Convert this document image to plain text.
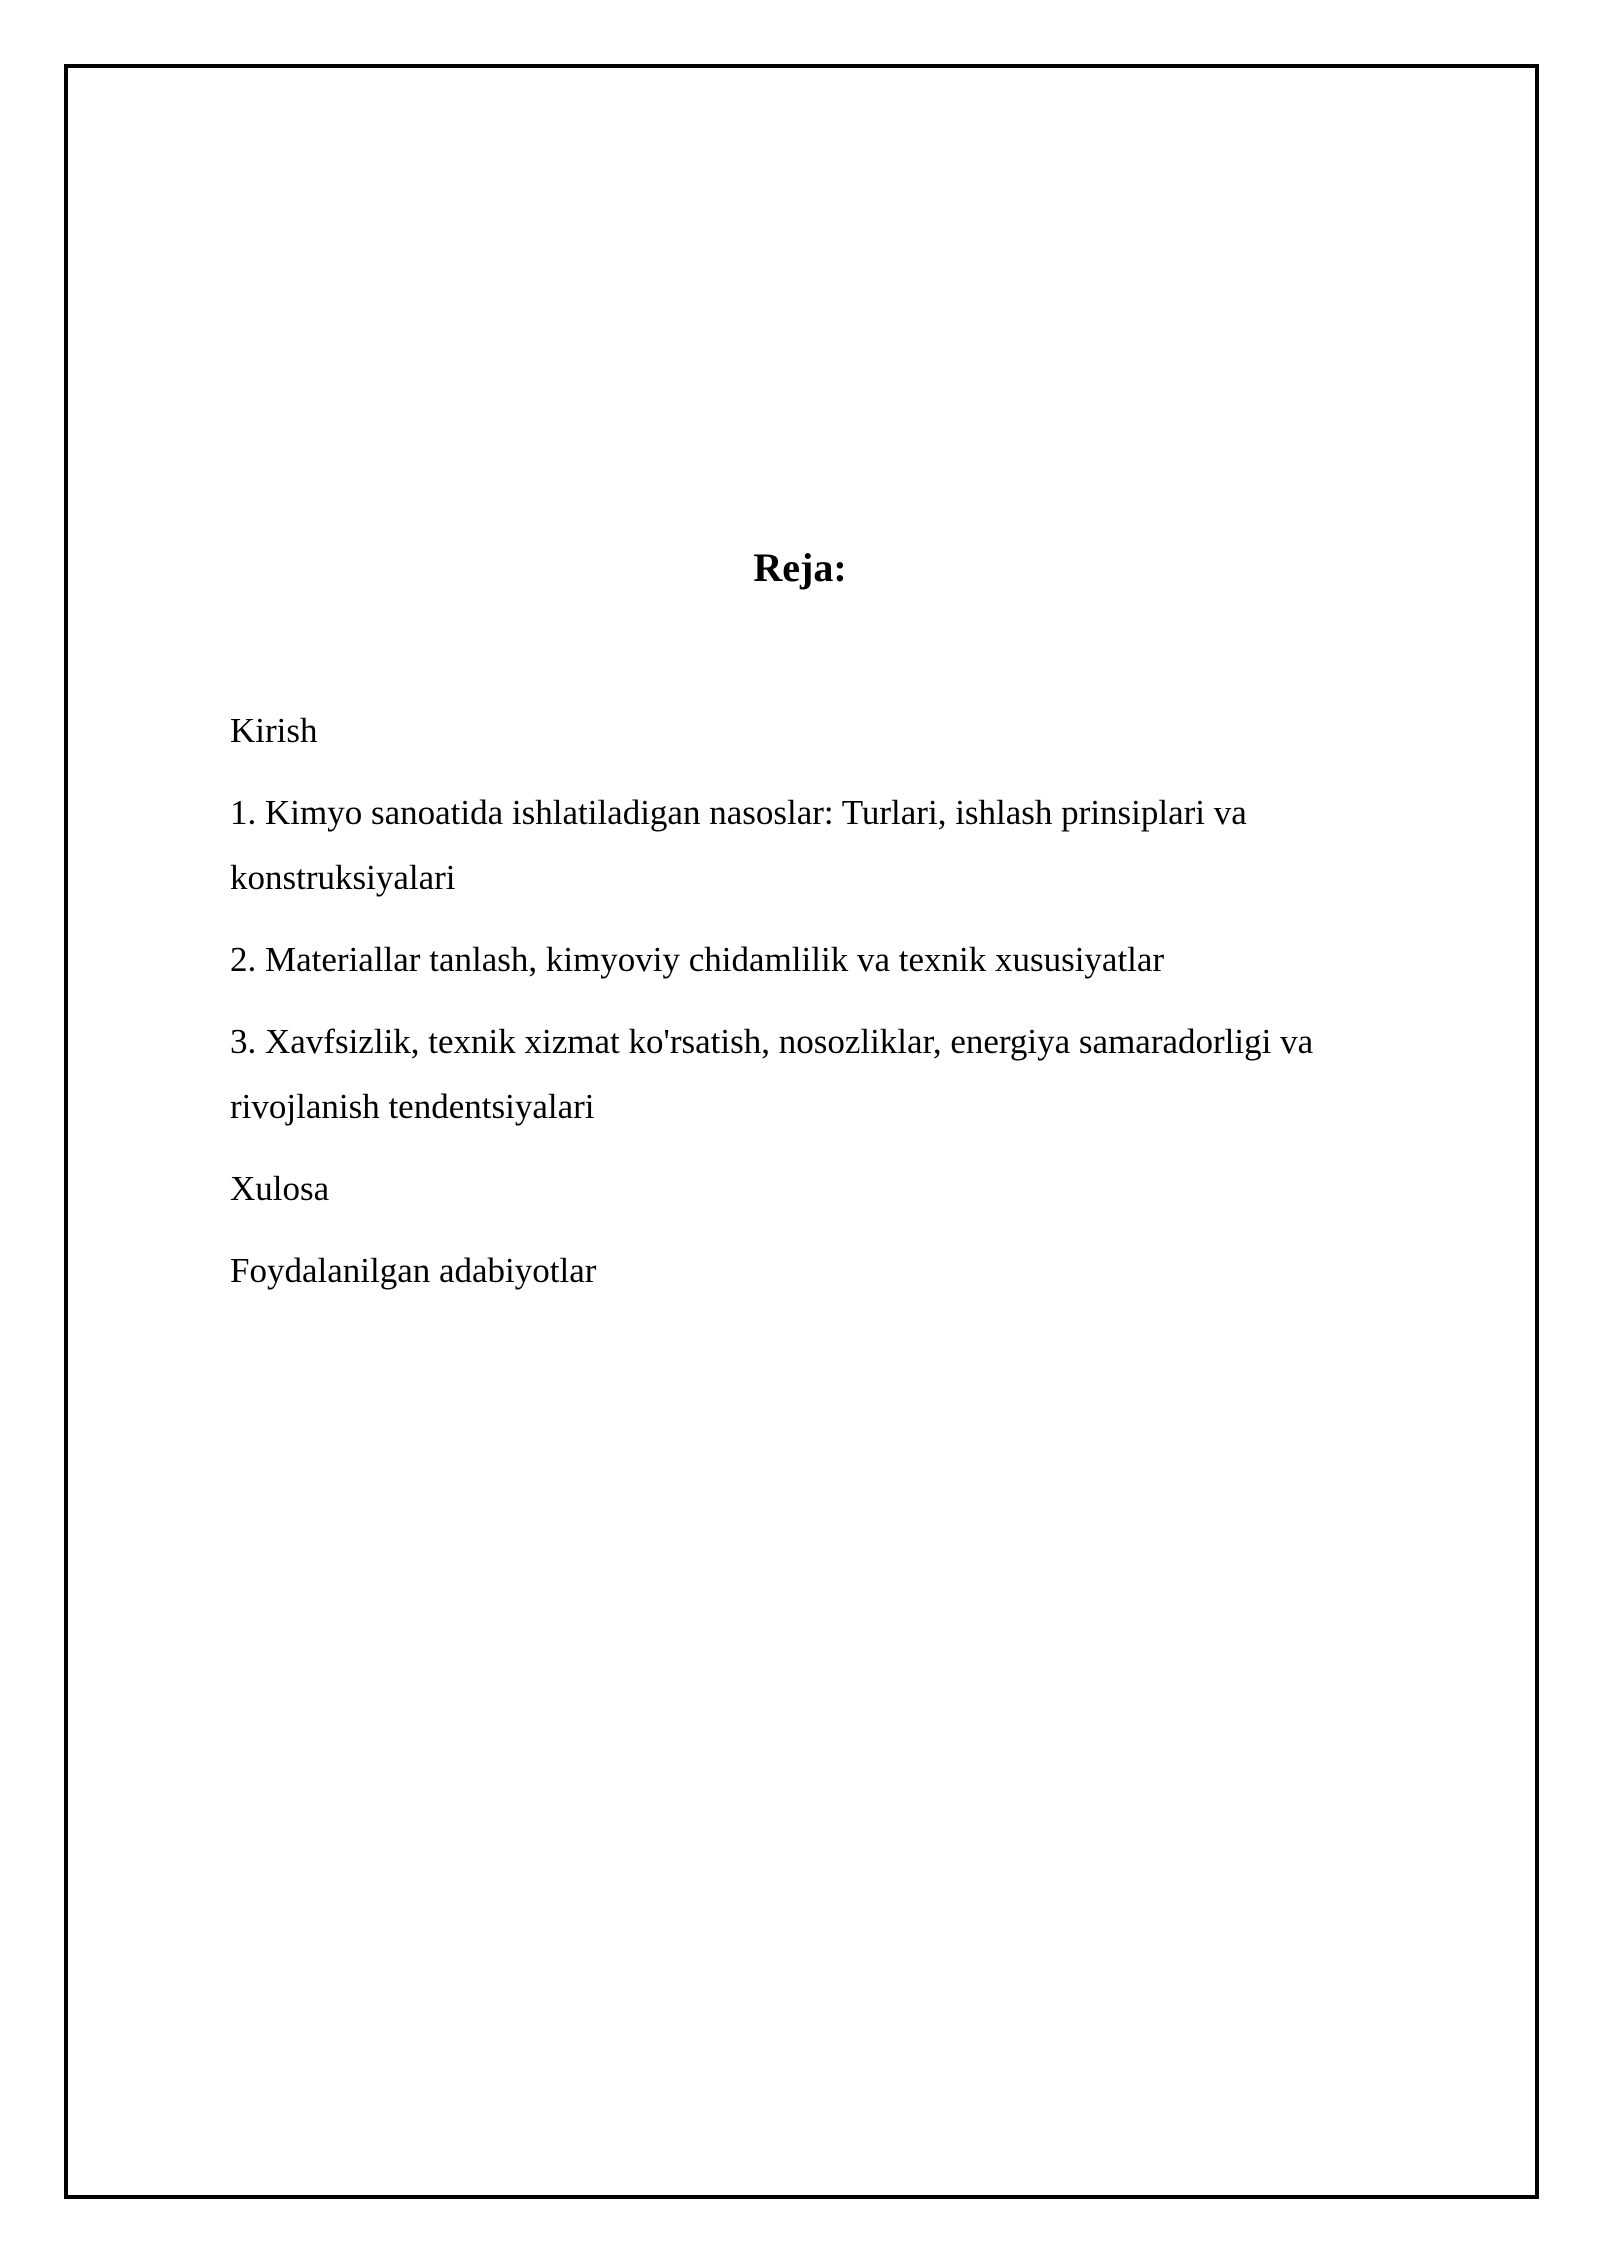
Reja:
Kirish
1. Kimyo sanoatida ishlatiladigan nasoslar: Turlari, ishlash prinsiplari va konstruksiyalari
2. Materiallar tanlash, kimyoviy chidamlilik va texnik xususiyatlar
3. Xavfsizlik, texnik xizmat ko'rsatish, nosozliklar, energiya samaradorligi va rivojlanish tendentsiyalari
Xulosa
Foydalanilgan adabiyotlar
